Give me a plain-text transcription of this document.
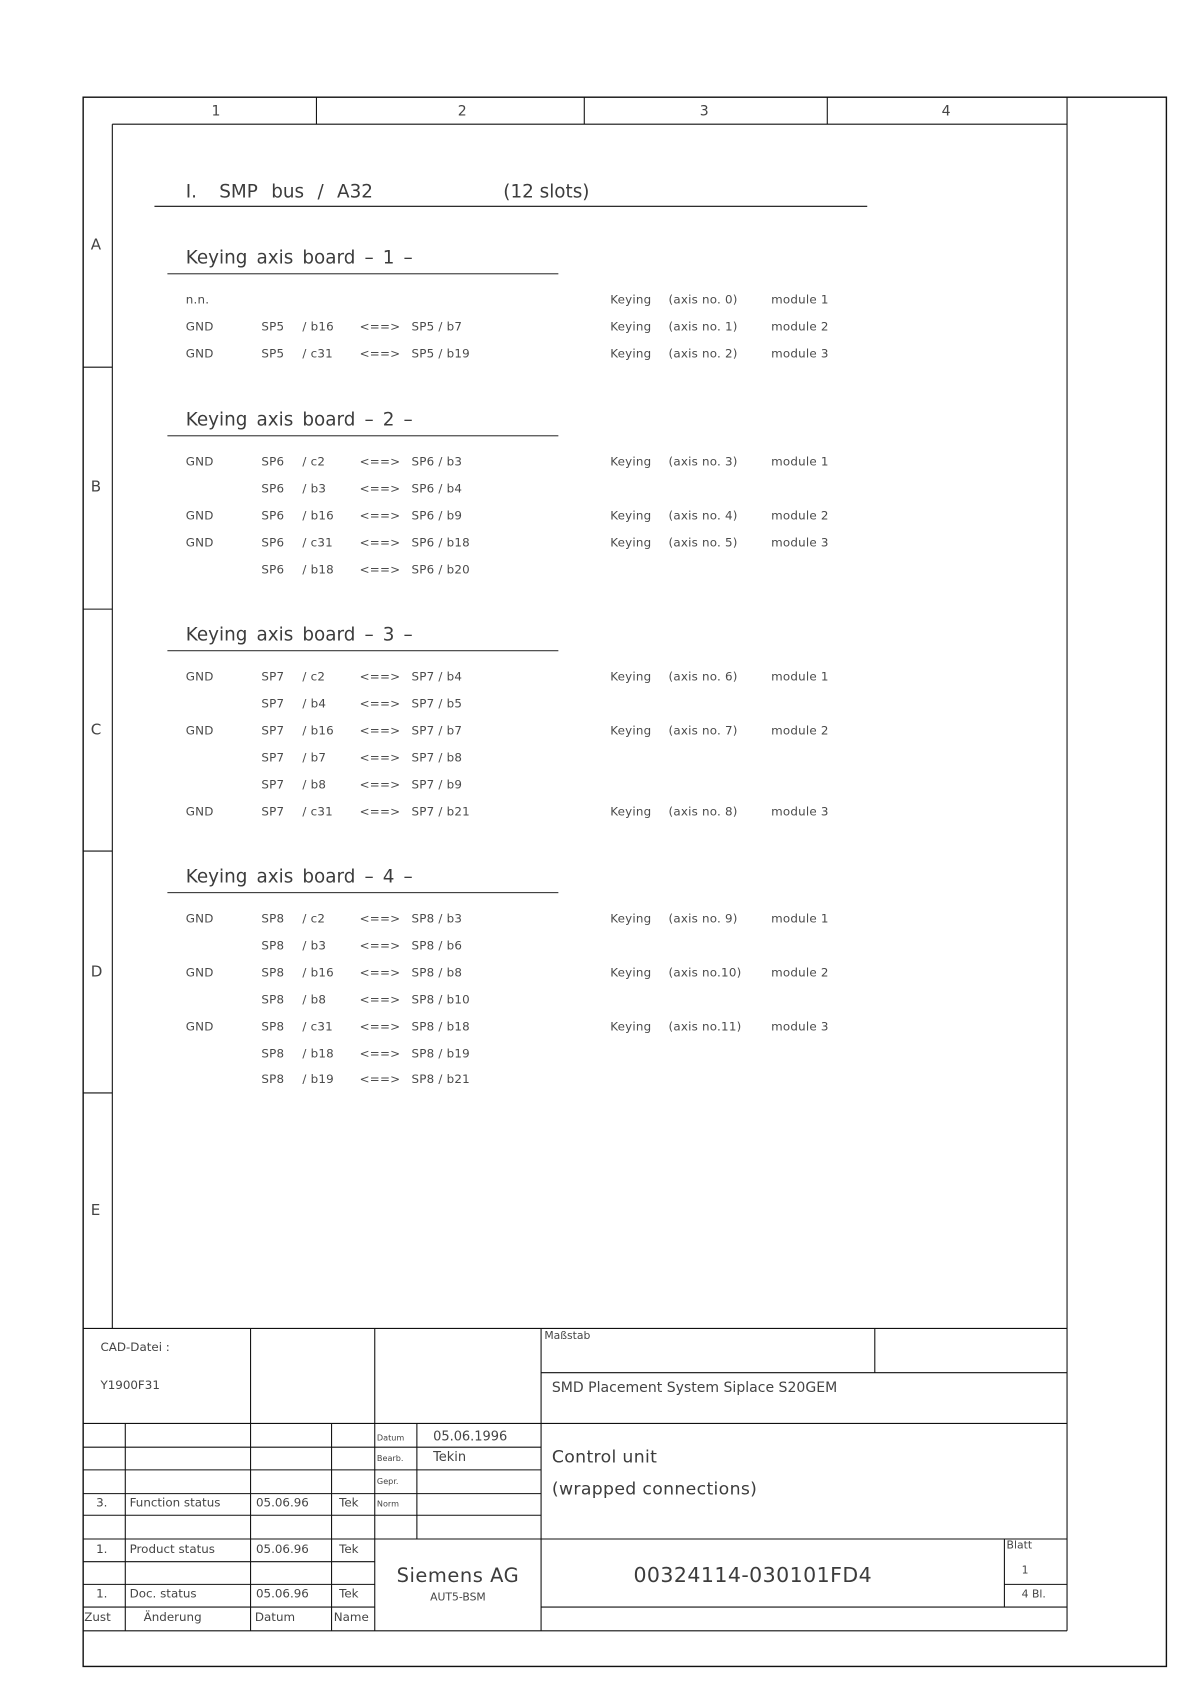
1	2	3	4
A
B
C
D
E
I. SMP bus / A32	(12 slots)
CAD-Datei :
Y1900F31
Maßstab
SMD Placement System Siplace S20GEM
Datum 05.06.1996
Bearb. Tekin
Gepr.
Norm
Control unit
(wrapped connections)
3. Function status	05.06.96	Tek
1. Product status	05.06.96	Tek
1. Doc. status	05.06.96	Tek
Zust	Änderung	Datum	Name
Siemens AG
AUT5-BSM
00324114-030101FD4
Blatt
1
4 Bl.
Keying axis board – 1 –
n.n.	Keying (axis no. 0)	module 1
GND	SP5 / b16 <==> SP5 / b7	Keying (axis no. 1)	module 2
GND	SP5 / c31 <==> SP5 / b19	Keying (axis no. 2)	module 3
Keying axis board – 2 –
GND	SP6 / c2	<==> SP6 / b3	Keying (axis no. 3)	module 1
SP6 / b3	<==> SP6 / b4
GND	SP6 / b16 <==> SP6 / b9	Keying (axis no. 4)	module 2
GND	SP6 / c31 <==> SP6 / b18	Keying (axis no. 5)	module 3
SP6 / b18 <==> SP6 / b20
Keying axis board – 3 –
GND	SP7 / c2	<==> SP7 / b4	Keying (axis no. 6)	module 1
SP7 / b4	<==> SP7 / b5
GND	SP7 / b16 <==> SP7 / b7	Keying (axis no. 7)	module 2
SP7 / b7	<==> SP7 / b8
SP7 / b8	<==> SP7 / b9
GND	SP7 / c31 <==> SP7 / b21	Keying (axis no. 8)	module 3
Keying axis board – 4 –
GND	SP8 / c2	<==> SP8 / b3	Keying (axis no. 9)	module 1
SP8 / b3	<==> SP8 / b6
GND	SP8 / b16 <==> SP8 / b8	Keying (axis no.10)	module 2
SP8 / b8	<==> SP8 / b10
GND	SP8 / c31 <==> SP8 / b18	Keying (axis no.11)	module 3
SP8 / b18 <==> SP8 / b19
SP8 / b19 <==> SP8 / b21
